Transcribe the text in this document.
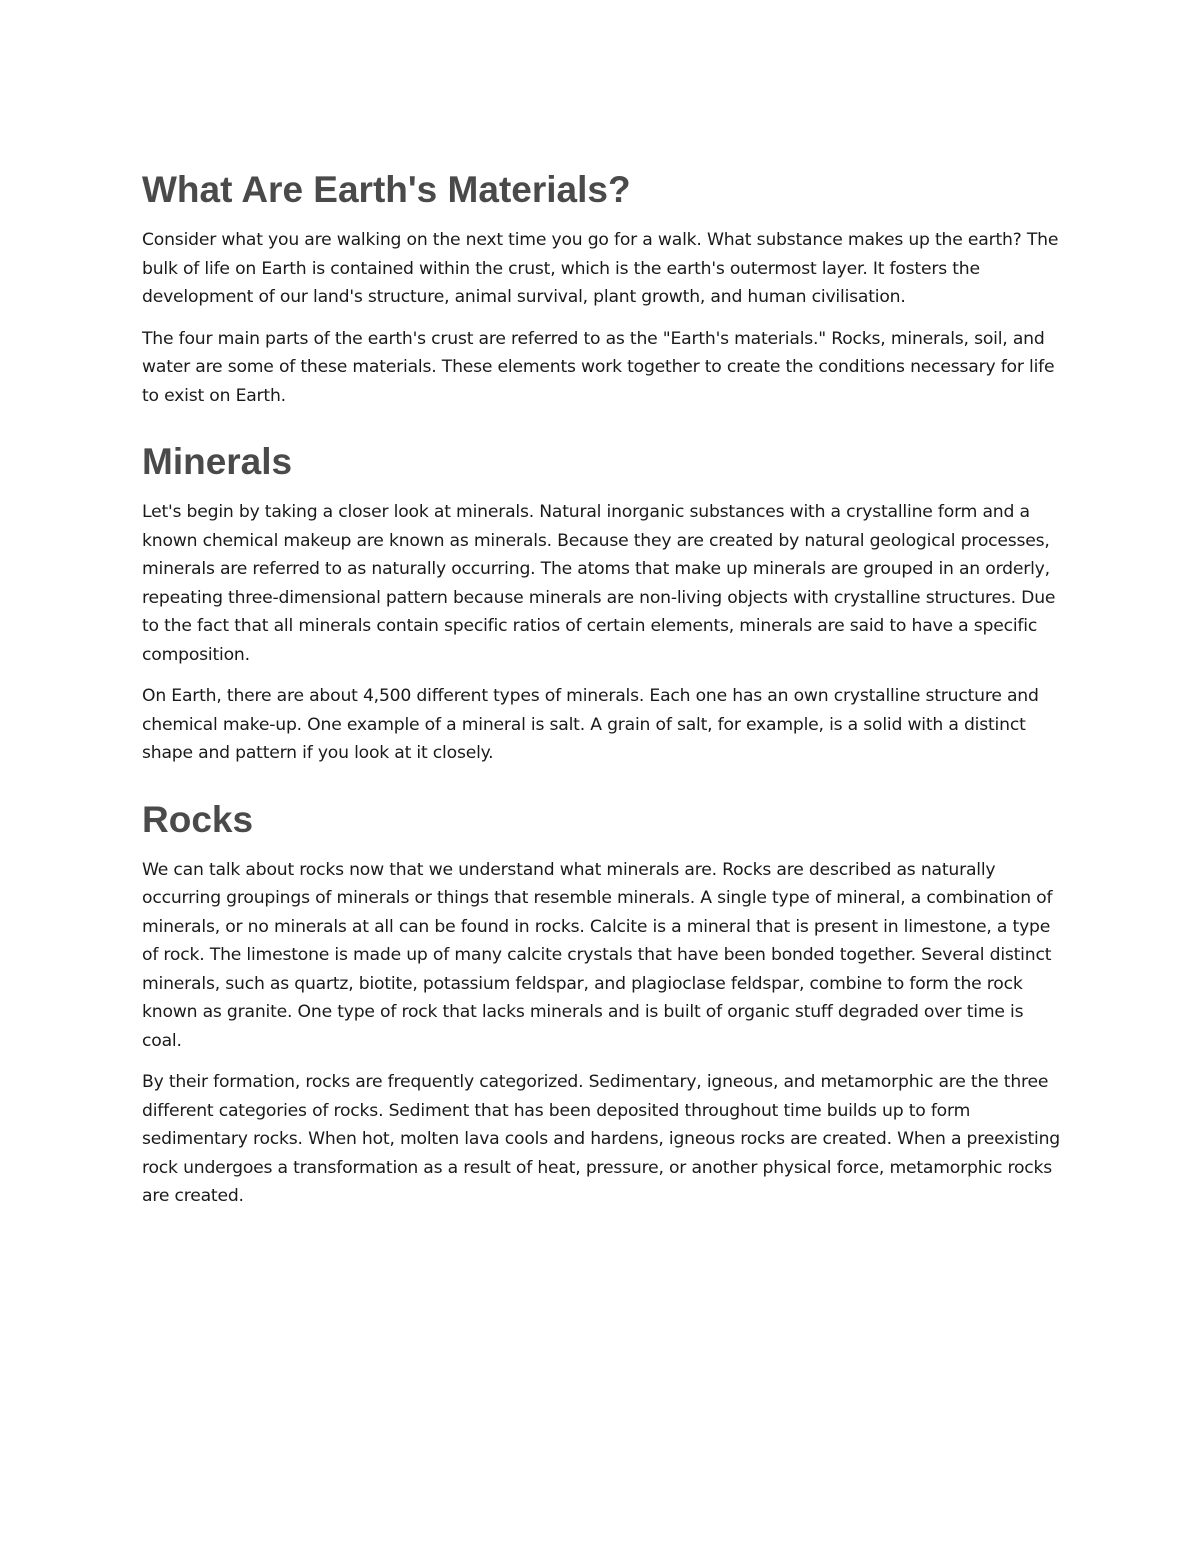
What Are Earth's Materials?

Consider what you are walking on the next time you go for a walk. What substance makes up the earth? The bulk of life on Earth is contained within the crust, which is the earth's outermost layer. It fosters the development of our land's structure, animal survival, plant growth, and human civilisation.

The four main parts of the earth's crust are referred to as the "Earth's materials." Rocks, minerals, soil, and water are some of these materials. These elements work together to create the conditions necessary for life to exist on Earth.

Minerals

Let's begin by taking a closer look at minerals. Natural inorganic substances with a crystalline form and a known chemical makeup are known as minerals. Because they are created by natural geological processes, minerals are referred to as naturally occurring. The atoms that make up minerals are grouped in an orderly, repeating three-dimensional pattern because minerals are non-living objects with crystalline structures. Due to the fact that all minerals contain specific ratios of certain elements, minerals are said to have a specific composition.

On Earth, there are about 4,500 different types of minerals. Each one has an own crystalline structure and chemical make-up. One example of a mineral is salt. A grain of salt, for example, is a solid with a distinct shape and pattern if you look at it closely.

Rocks

We can talk about rocks now that we understand what minerals are. Rocks are described as naturally occurring groupings of minerals or things that resemble minerals. A single type of mineral, a combination of minerals, or no minerals at all can be found in rocks. Calcite is a mineral that is present in limestone, a type of rock. The limestone is made up of many calcite crystals that have been bonded together. Several distinct minerals, such as quartz, biotite, potassium feldspar, and plagioclase feldspar, combine to form the rock known as granite. One type of rock that lacks minerals and is built of organic stuff degraded over time is coal.

By their formation, rocks are frequently categorized. Sedimentary, igneous, and metamorphic are the three different categories of rocks. Sediment that has been deposited throughout time builds up to form sedimentary rocks. When hot, molten lava cools and hardens, igneous rocks are created. When a preexisting rock undergoes a transformation as a result of heat, pressure, or another physical force, metamorphic rocks are created.
